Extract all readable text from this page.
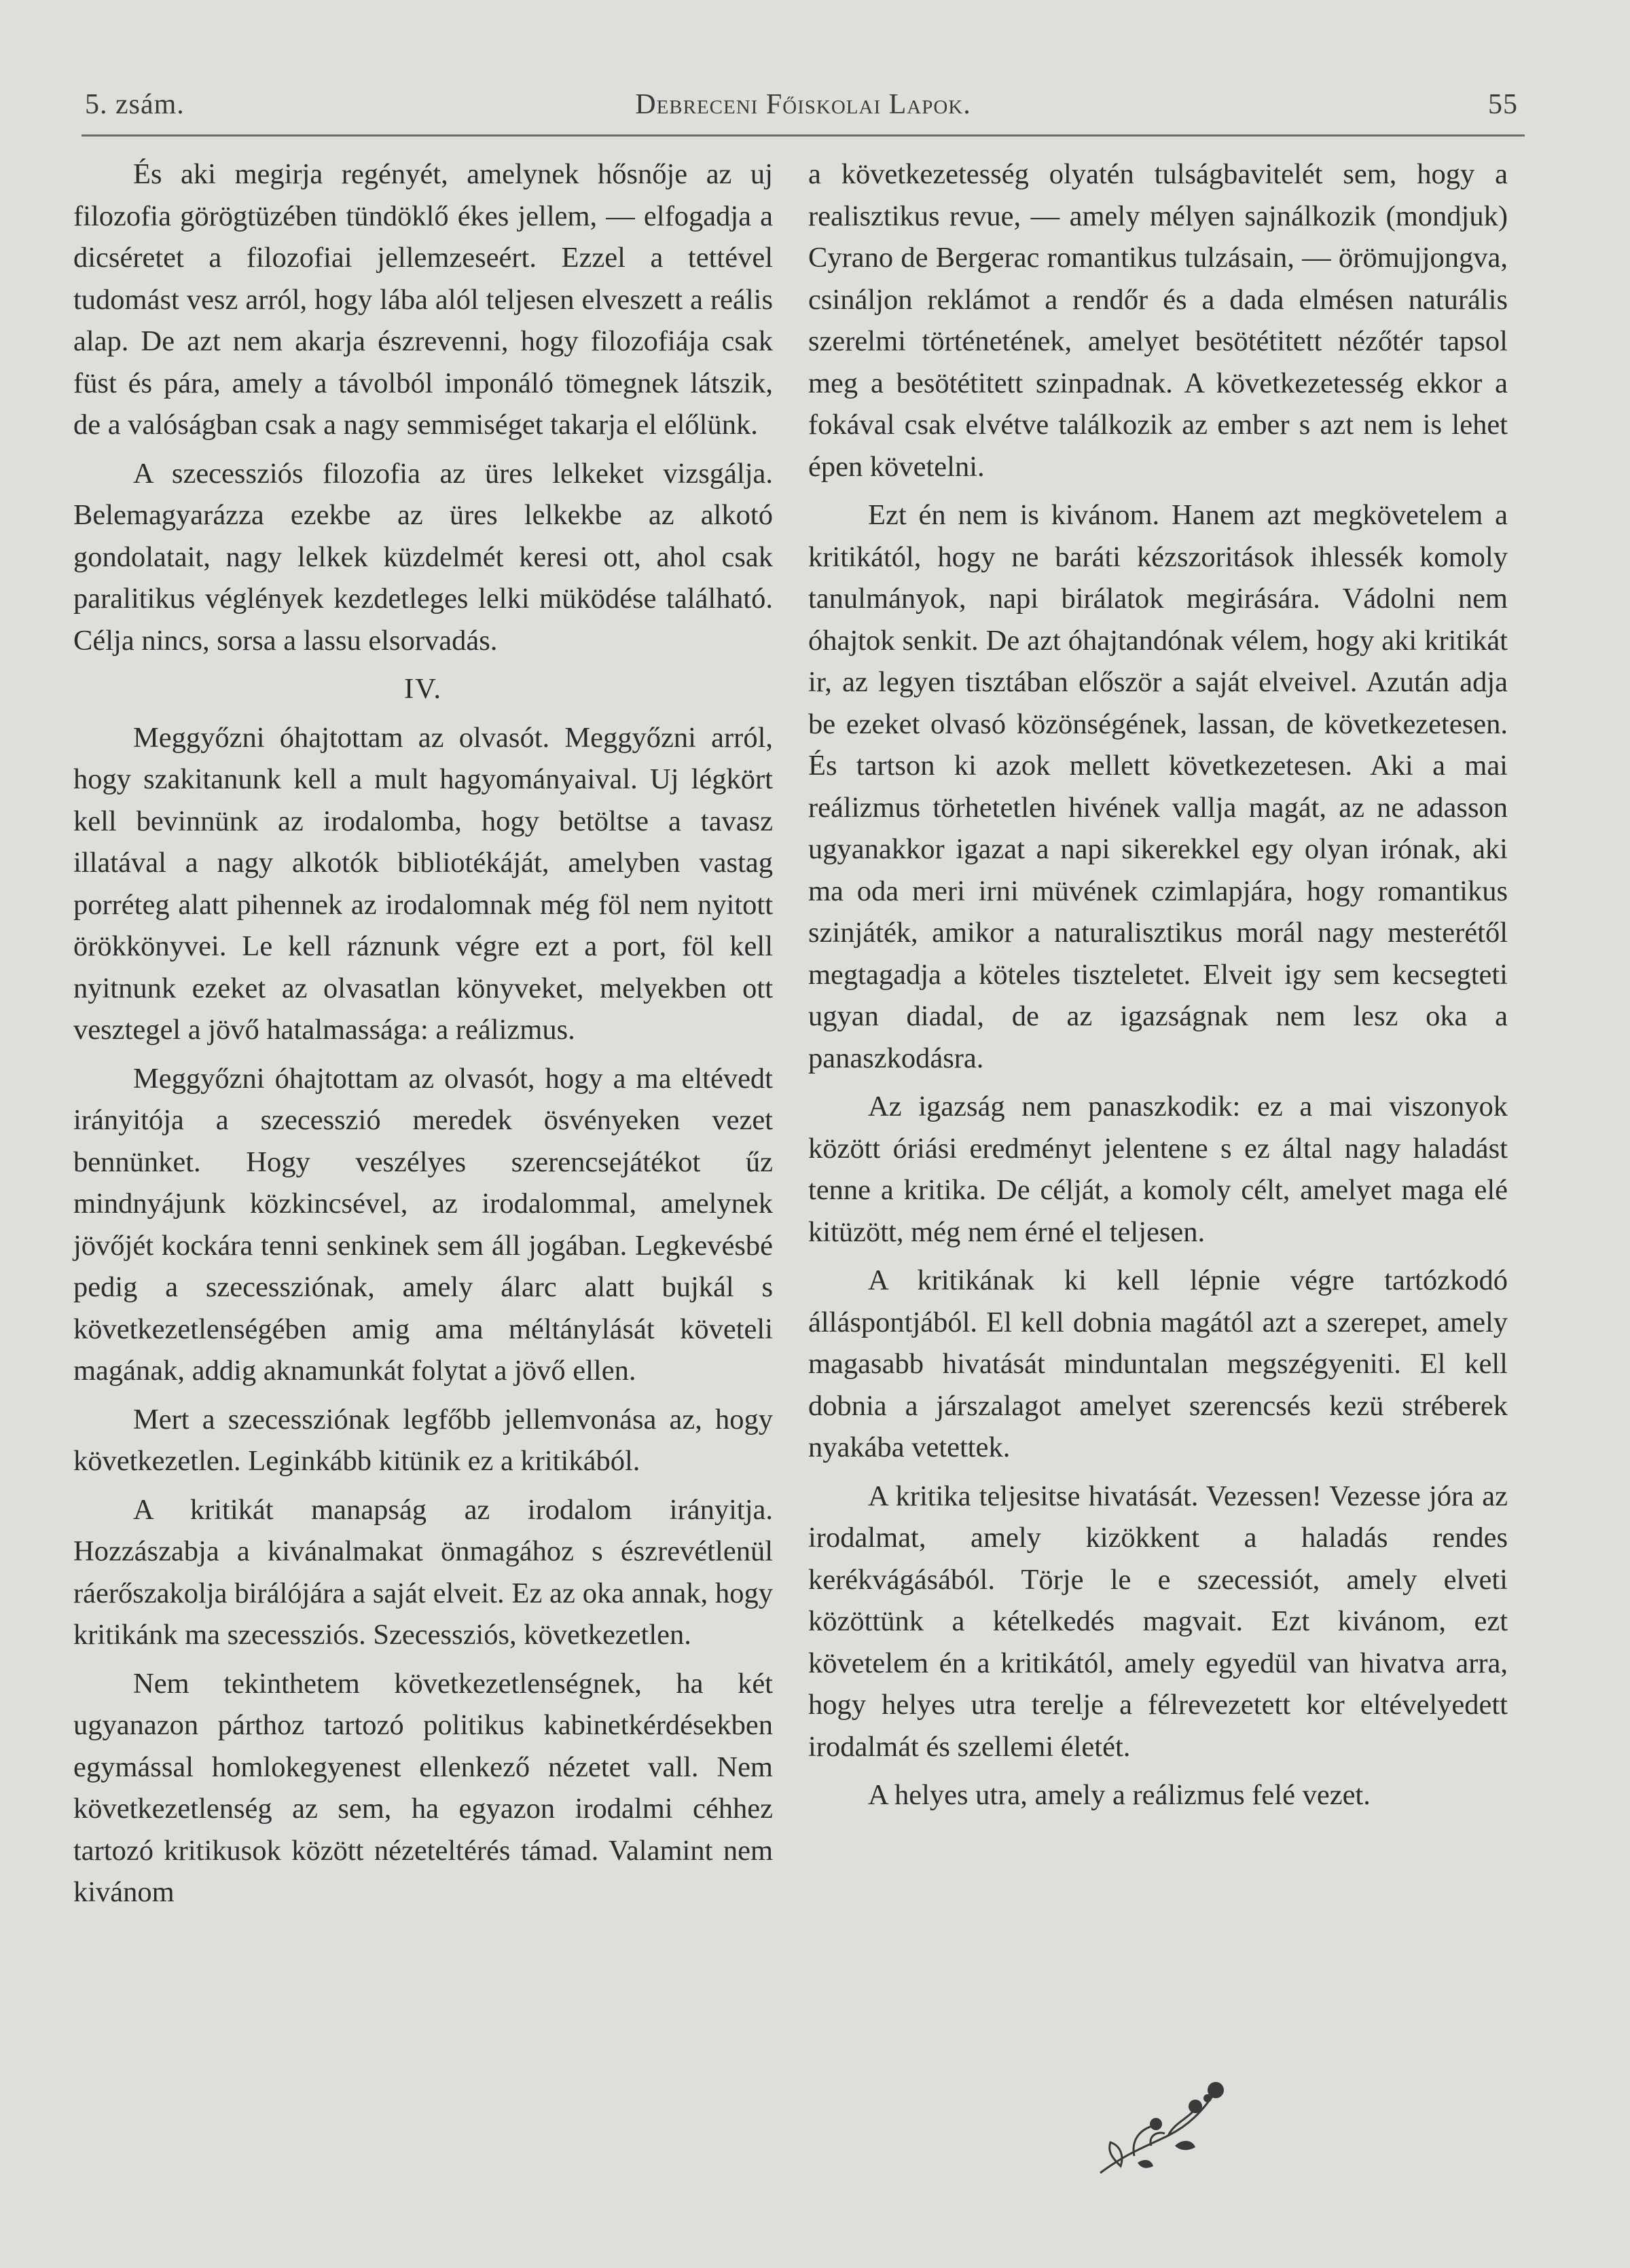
5. zsám.	Debreceni Főiskolai Lapok.	55

És aki megirja regényét, amelynek hősnője az uj filozofia görögtüzében tündöklő ékes jellem, — elfogadja a dicséretet a filozofiai jellemzeseért. Ezzel a tettével tudomást vesz arról, hogy lába alól teljesen elveszett a reális alap. De azt nem akarja észrevenni, hogy filozofiája csak füst és pára, amely a távolból imponáló tömegnek látszik, de a valóságban csak a nagy semmiséget takarja el előlünk.

A szecessziós filozofia az üres lelkeket vizsgálja. Belemagyarázza ezekbe az üres lelkekbe az alkotó gondolatait, nagy lelkek küzdelmét keresi ott, ahol csak paralitikus véglények kezdetleges lelki müködése található. Célja nincs, sorsa a lassu elsorvadás.

IV.

Meggyőzni óhajtottam az olvasót. Meggyőzni arról, hogy szakitanunk kell a mult hagyományaival. Uj légkört kell bevinnünk az irodalomba, hogy betöltse a tavasz illatával a nagy alkotók bibliotékáját, amelyben vastag porréteg alatt pihennek az irodalomnak még föl nem nyitott örökkönyvei. Le kell ráznunk végre ezt a port, föl kell nyitnunk ezeket az olvasatlan könyveket, melyekben ott vesztegel a jövő hatalmassága: a reálizmus.

Meggyőzni óhajtottam az olvasót, hogy a ma eltévedt irányitója a szecesszió meredek ösvényeken vezet bennünket. Hogy veszélyes szerencsejátékot űz mindnyájunk közkincsével, az irodalommal, amelynek jövőjét kockára tenni senkinek sem áll jogában. Legkevésbé pedig a szecessziónak, amely álarc alatt bujkál s következetlenségében amig ama méltánylását követeli magának, addig aknamunkát folytat a jövő ellen.

Mert a szecessziónak legfőbb jellemvonása az, hogy következetlen. Leginkább kitünik ez a kritikából.

A kritikát manapság az irodalom irányitja. Hozzászabja a kivánalmakat önmagához s észrevétlenül ráerőszakolja birálójára a saját elveit. Ez az oka annak, hogy kritikánk ma szecessziós. Szecessziós, következetlen.

Nem tekinthetem következetlenségnek, ha két ugyanazon párthoz tartozó politikus kabinetkérdésekben egymással homlokegyenest ellenkező nézetet vall. Nem következetlenség az sem, ha egyazon irodalmi céhhez tartozó kritikusok között nézeteltérés támad. Valamint nem kivánom

a következetesség olyatén tulságbavitelét sem, hogy a realisztikus revue, — amely mélyen sajnálkozik (mondjuk) Cyrano de Bergerac romantikus tulzásain, — örömujjongva, csináljon reklámot a rendőr és a dada elmésen naturális szerelmi történetének, amelyet besötétitett nézőtér tapsol meg a besötétitett szinpadnak. A következetesség ekkor a fokával csak elvétve találkozik az ember s azt nem is lehet épen követelni.

Ezt én nem is kivánom. Hanem azt megkövetelem a kritikától, hogy ne baráti kézszoritások ihlessék komoly tanulmányok, napi birálatok megirására. Vádolni nem óhajtok senkit. De azt óhajtandónak vélem, hogy aki kritikát ir, az legyen tisztában először a saját elveivel. Azután adja be ezeket olvasó közönségének, lassan, de következetesen. És tartson ki azok mellett következetesen. Aki a mai reálizmus törhetetlen hivének vallja magát, az ne adasson ugyanakkor igazat a napi sikerekkel egy olyan irónak, aki ma oda meri irni müvének czimlapjára, hogy romantikus szinjáték, amikor a naturalisztikus morál nagy mesterétől megtagadja a köteles tiszteletet. Elveit igy sem kecsegteti ugyan diadal, de az igazságnak nem lesz oka a panaszkodásra.

Az igazság nem panaszkodik: ez a mai viszonyok között óriási eredményt jelentene s ez által nagy haladást tenne a kritika. De célját, a komoly célt, amelyet maga elé kitüzött, még nem érné el teljesen.

A kritikának ki kell lépnie végre tartózkodó álláspontjából. El kell dobnia magától azt a szerepet, amely magasabb hivatását minduntalan megszégyeniti. El kell dobnia a járszalagot amelyet szerencsés kezü stréberek nyakába vetettek.

A kritika teljesitse hivatását. Vezessen! Vezesse jóra az irodalmat, amely kizökkent a haladás rendes kerékvágásából. Törje le e szecessiót, amely elveti közöttünk a kételkedés magvait. Ezt kivánom, ezt követelem én a kritikától, amely egyedül van hivatva arra, hogy helyes utra terelje a félrevezetett kor eltévelyedett irodalmát és szellemi életét.

A helyes utra, amely a reálizmus felé vezet.
